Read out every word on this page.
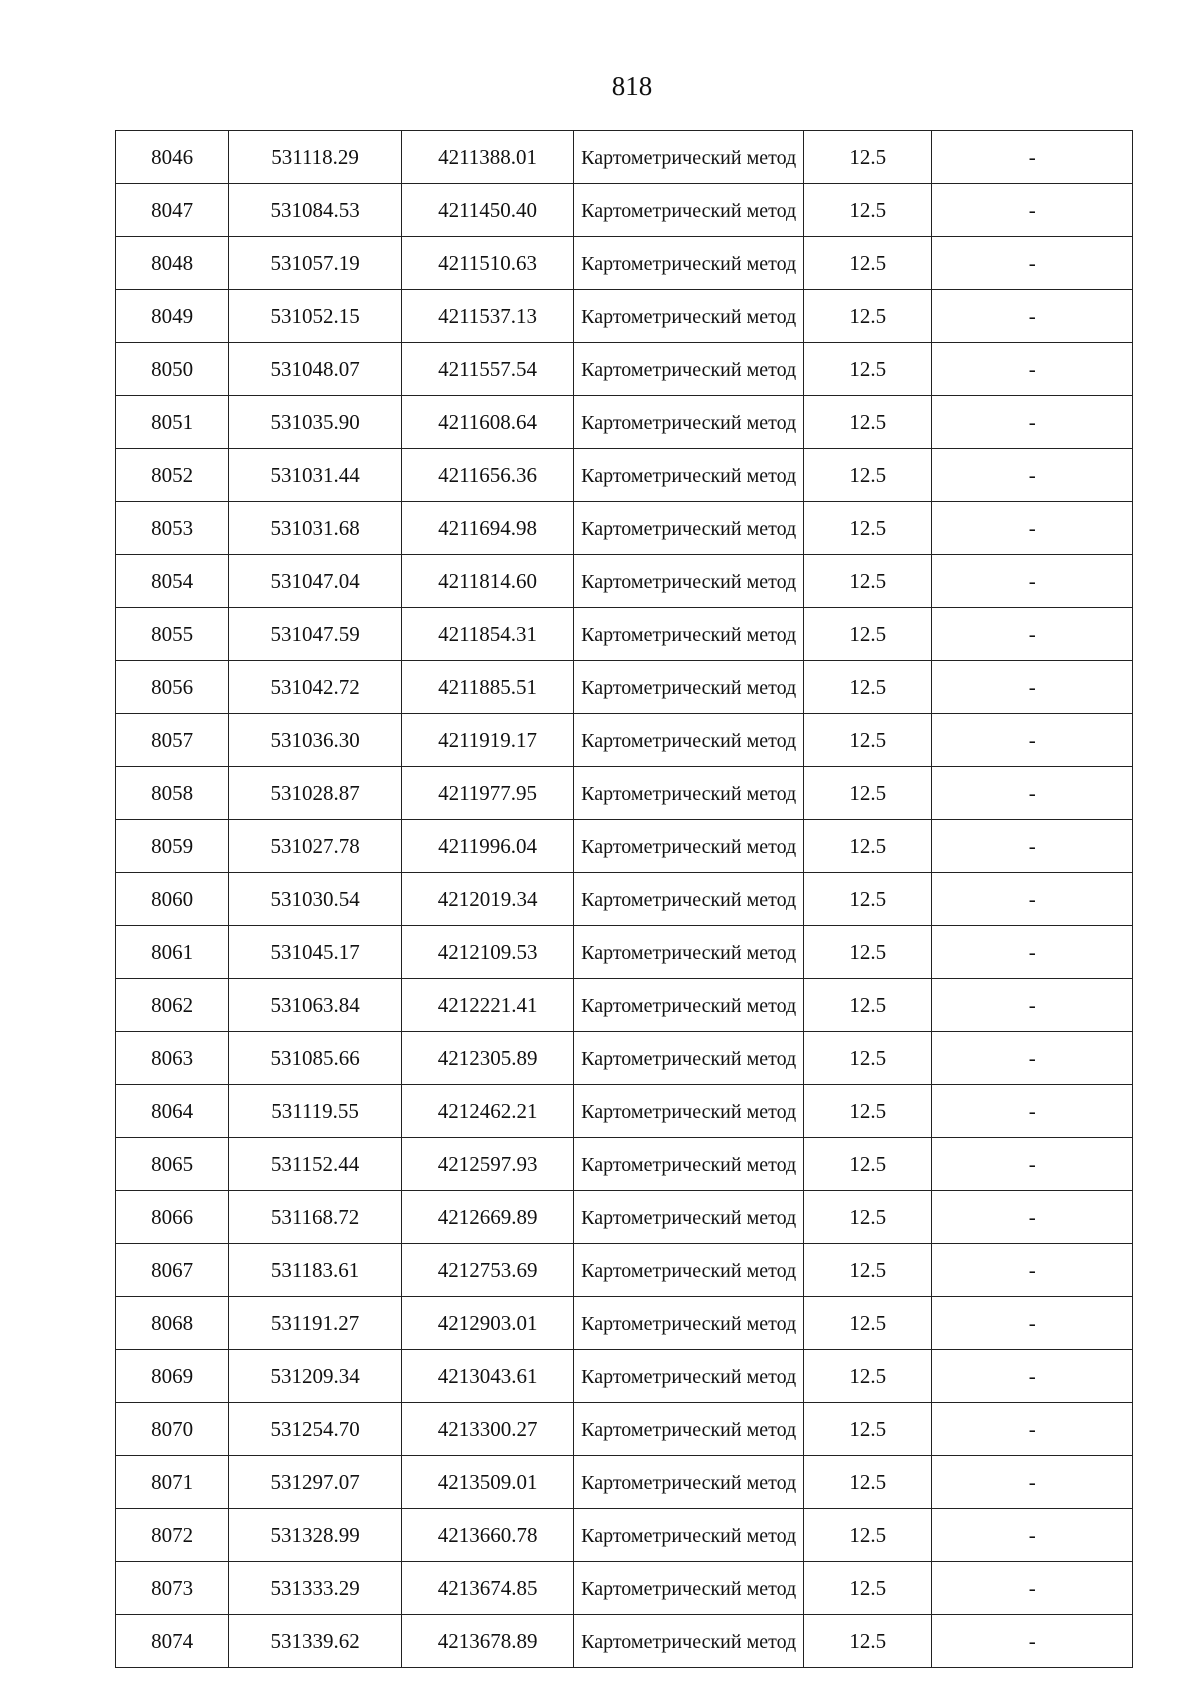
818
8046	531118.29	4211388.01	Картометрический метод	12.5	-
8047	531084.53	4211450.40	Картометрический метод	12.5	-
8048	531057.19	4211510.63	Картометрический метод	12.5	-
8049	531052.15	4211537.13	Картометрический метод	12.5	-
8050	531048.07	4211557.54	Картометрический метод	12.5	-
8051	531035.90	4211608.64	Картометрический метод	12.5	-
8052	531031.44	4211656.36	Картометрический метод	12.5	-
8053	531031.68	4211694.98	Картометрический метод	12.5	-
8054	531047.04	4211814.60	Картометрический метод	12.5	-
8055	531047.59	4211854.31	Картометрический метод	12.5	-
8056	531042.72	4211885.51	Картометрический метод	12.5	-
8057	531036.30	4211919.17	Картометрический метод	12.5	-
8058	531028.87	4211977.95	Картометрический метод	12.5	-
8059	531027.78	4211996.04	Картометрический метод	12.5	-
8060	531030.54	4212019.34	Картометрический метод	12.5	-
8061	531045.17	4212109.53	Картометрический метод	12.5	-
8062	531063.84	4212221.41	Картометрический метод	12.5	-
8063	531085.66	4212305.89	Картометрический метод	12.5	-
8064	531119.55	4212462.21	Картометрический метод	12.5	-
8065	531152.44	4212597.93	Картометрический метод	12.5	-
8066	531168.72	4212669.89	Картометрический метод	12.5	-
8067	531183.61	4212753.69	Картометрический метод	12.5	-
8068	531191.27	4212903.01	Картометрический метод	12.5	-
8069	531209.34	4213043.61	Картометрический метод	12.5	-
8070	531254.70	4213300.27	Картометрический метод	12.5	-
8071	531297.07	4213509.01	Картометрический метод	12.5	-
8072	531328.99	4213660.78	Картометрический метод	12.5	-
8073	531333.29	4213674.85	Картометрический метод	12.5	-
8074	531339.62	4213678.89	Картометрический метод	12.5	-
